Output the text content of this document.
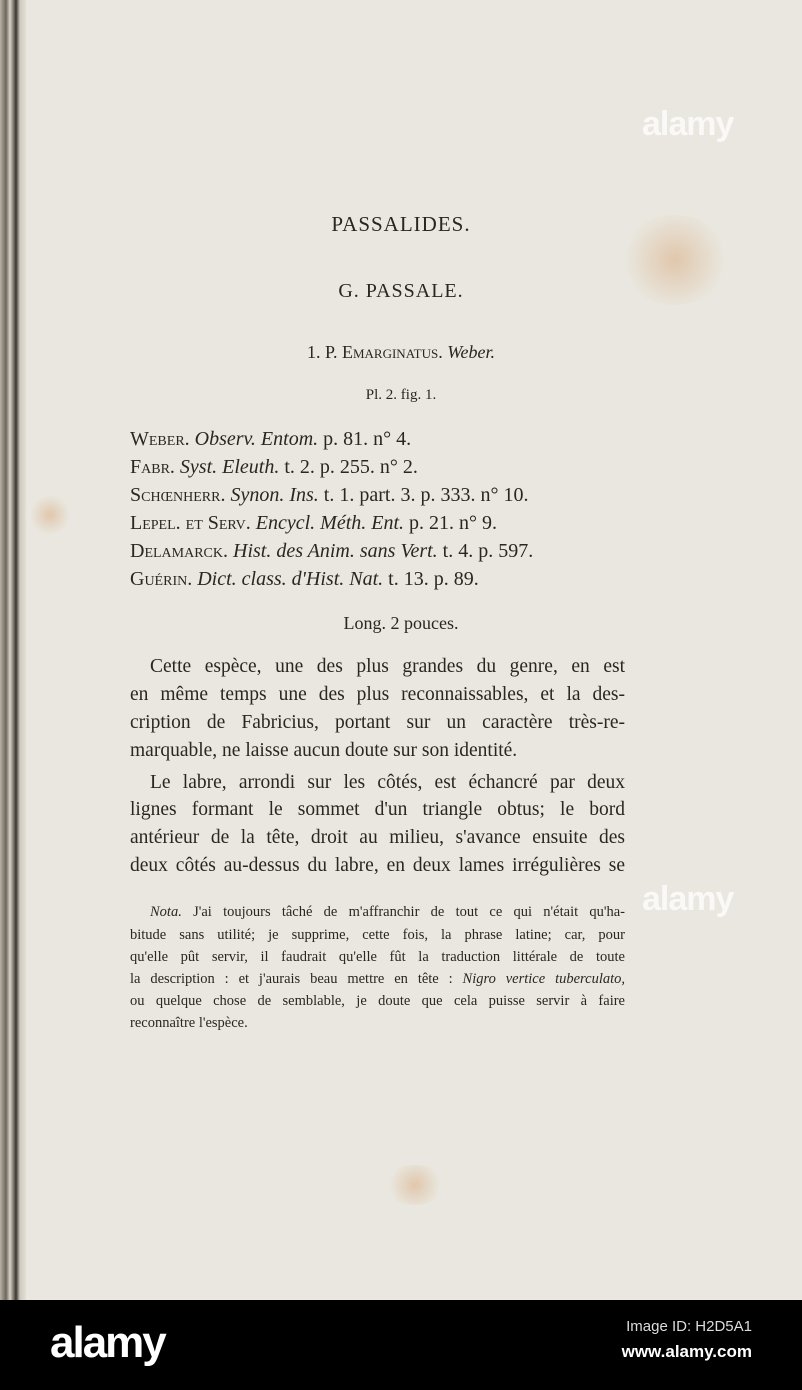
alamy
alamy
PASSALIDES.
G. PASSALE.
1. P. Emarginatus. Weber.
Pl. 2. fig. 1.
Weber. Observ. Entom. p. 81. n° 4.
Fabr. Syst. Eleuth. t. 2. p. 255. n° 2.
Schœnherr. Synon. Ins. t. 1. part. 3. p. 333. n° 10.
Lepel. et Serv. Encycl. Méth. Ent. p. 21. n° 9.
Delamarck. Hist. des Anim. sans Vert. t. 4. p. 597.
Guérin. Dict. class. d'Hist. Nat. t. 13. p. 89.
Long. 2 pouces.
Cette espèce, une des plus grandes du genre, en est
en même temps une des plus reconnaissables, et la des-
cription de Fabricius, portant sur un caractère très-re-
marquable, ne laisse aucun doute sur son identité.
Le labre, arrondi sur les côtés, est échancré par deux
lignes formant le sommet d'un triangle obtus; le bord
antérieur de la tête, droit au milieu, s'avance ensuite des
deux côtés au-dessus du labre, en deux lames irrégulières se
Nota. J'ai toujours tâché de m'affranchir de tout ce qui n'était qu'ha-
bitude sans utilité; je supprime, cette fois, la phrase latine; car, pour
qu'elle pût servir, il faudrait qu'elle fût la traduction littérale de toute
la description : et j'aurais beau mettre en tête : Nigro vertice tuberculato,
ou quelque chose de semblable, je doute que cela puisse servir à faire
reconnaître l'espèce.
alamy	Image ID: H2D5A1
www.alamy.com
